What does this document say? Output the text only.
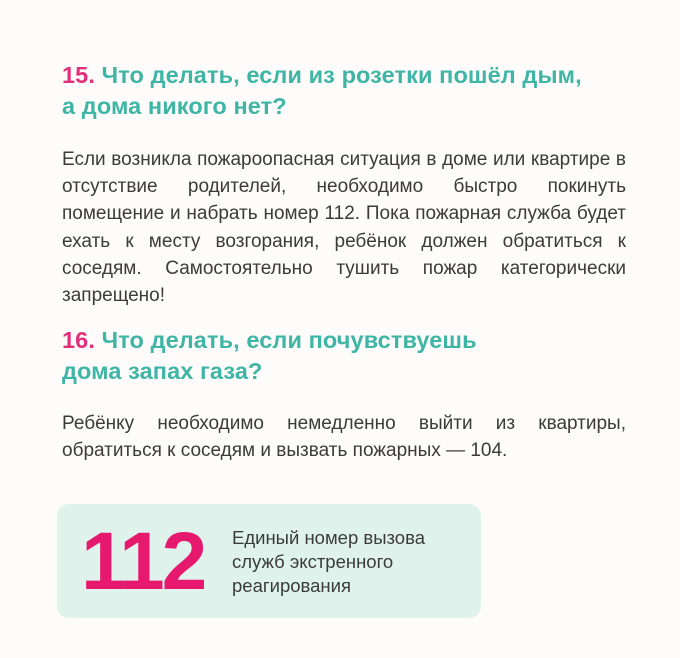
15. Что делать, если из розетки пошёл дым,
а дома никого нет?

Если возникла пожароопасная ситуация в доме или квартире в отсутствие родителей, необходимо быстро покинуть помещение и набрать номер 112. Пока пожарная служба будет ехать к месту возгорания, ребёнок должен обратиться к соседям. Самостоятельно тушить пожар категорически запрещено!

16. Что делать, если почувствуешь
дома запах газа?

Ребёнку необходимо немедленно выйти из квартиры, обратиться к соседям и вызвать пожарных — 104.

112 Единый номер вызова
служб экстренного
реагирования
